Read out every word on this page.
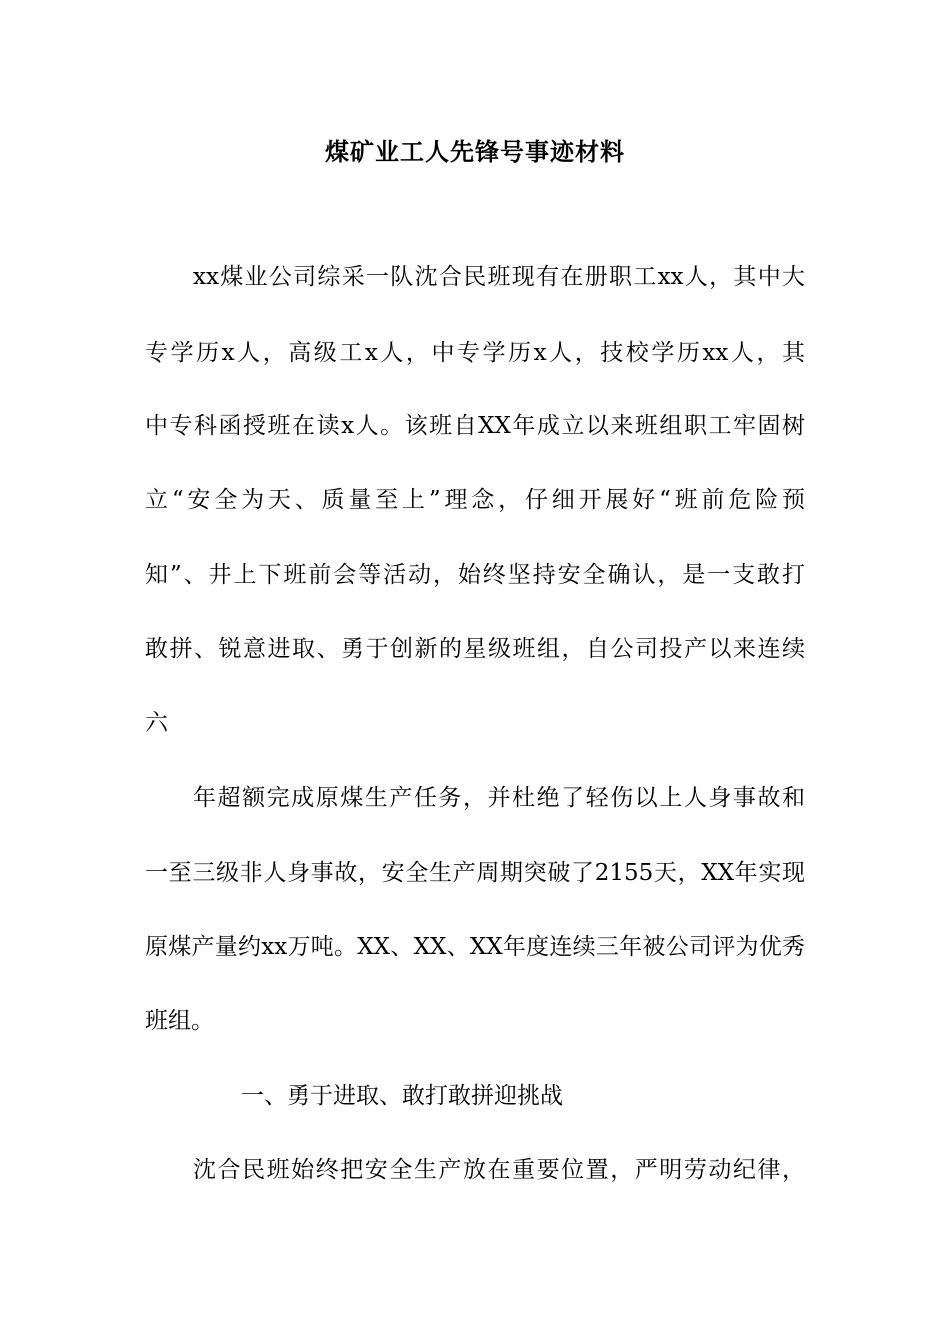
煤矿业工人先锋号事迹材料
xx煤业公司综采一队沈合民班现有在册职工xx人，其中大
专学历x人，高级工x人，中专学历x人，技校学历xx人，其
中专科函授班在读x人。该班自XX年成立以来班组职工牢固树
立“安全为天、质量至上”理念，仔细开展好“班前危险预
知”、井上下班前会等活动，始终坚持安全确认，是一支敢打
敢拼、锐意进取、勇于创新的星级班组，自公司投产以来连续
六
年超额完成原煤生产任务，并杜绝了轻伤以上人身事故和
一至三级非人身事故，安全生产周期突破了2155天，XX年实现
原煤产量约xx万吨。XX、XX、XX年度连续三年被公司评为优秀
班组。
一、勇于进取、敢打敢拼迎挑战
沈合民班始终把安全生产放在重要位置，严明劳动纪律，
